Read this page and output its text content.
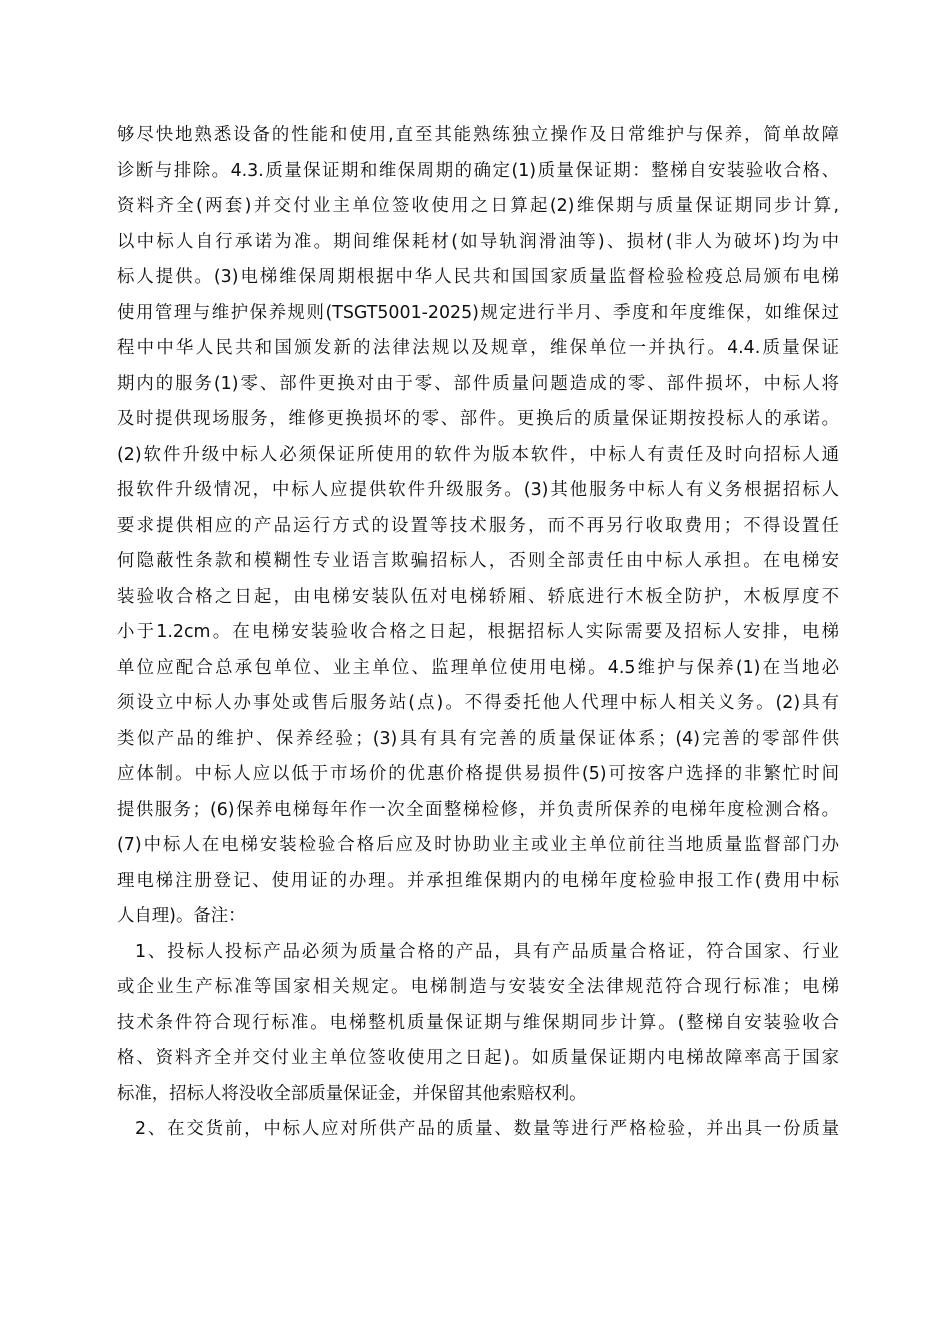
够尽快地熟悉设备的性能和使用,直至其能熟练独立操作及日常维护与保养，简单故障
诊断与排除。4.3.质量保证期和维保周期的确定(1)质量保证期：整梯自安装验收合格、
资料齐全(两套)并交付业主单位签收使用之日算起(2)维保期与质量保证期同步计算,
以中标人自行承诺为准。期间维保耗材(如导轨润滑油等)、损材(非人为破坏)均为中
标人提供。(3)电梯维保周期根据中华人民共和国国家质量监督检验检疫总局颁布电梯
使用管理与维护保养规则(TSGT5001-2025)规定进行半月、季度和年度维保，如维保过
程中中华人民共和国颁发新的法律法规以及规章，维保单位一并执行。4.4.质量保证
期内的服务(1)零、部件更换对由于零、部件质量问题造成的零、部件损坏，中标人将
及时提供现场服务，维修更换损坏的零、部件。更换后的质量保证期按投标人的承诺。
(2)软件升级中标人必须保证所使用的软件为版本软件，中标人有责任及时向招标人通
报软件升级情况，中标人应提供软件升级服务。(3)其他服务中标人有义务根据招标人
要求提供相应的产品运行方式的设置等技术服务，而不再另行收取费用；不得设置任
何隐蔽性条款和模糊性专业语言欺骗招标人，否则全部责任由中标人承担。在电梯安
装验收合格之日起，由电梯安装队伍对电梯轿厢、轿底进行木板全防护，木板厚度不
小于1.2cm。在电梯安装验收合格之日起，根据招标人实际需要及招标人安排，电梯
单位应配合总承包单位、业主单位、监理单位使用电梯。4.5维护与保养(1)在当地必
须设立中标人办事处或售后服务站(点)。不得委托他人代理中标人相关义务。(2)具有
类似产品的维护、保养经验；(3)具有具有完善的质量保证体系；(4)完善的零部件供
应体制。中标人应以低于市场价的优惠价格提供易损件(5)可按客户选择的非繁忙时间
提供服务；(6)保养电梯每年作一次全面整梯检修，并负责所保养的电梯年度检测合格。
(7)中标人在电梯安装检验合格后应及时协助业主或业主单位前往当地质量监督部门办
理电梯注册登记、使用证的办理。并承担维保期内的电梯年度检验申报工作(费用中标
人自理)。备注：
1、投标人投标产品必须为质量合格的产品，具有产品质量合格证，符合国家、行业
或企业生产标准等国家相关规定。电梯制造与安装安全法律规范符合现行标准；电梯
技术条件符合现行标准。电梯整机质量保证期与维保期同步计算。(整梯自安装验收合
格、资料齐全并交付业主单位签收使用之日起)。如质量保证期内电梯故障率高于国家
标准，招标人将没收全部质量保证金，并保留其他索赔权利。
2、在交货前，中标人应对所供产品的质量、数量等进行严格检验，并出具一份质量
